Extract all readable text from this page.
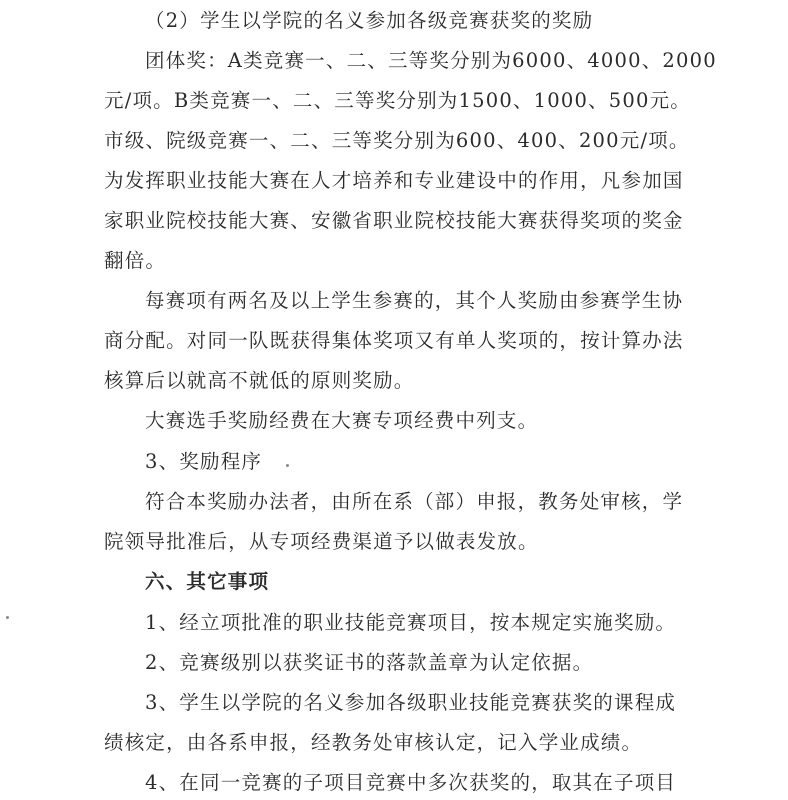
（2）学生以学院的名义参加各级竞赛获奖的奖励
团体奖：A类竞赛一、二、三等奖分别为6000、4000、2000
元/项。B类竞赛一、二、三等奖分别为1500、1000、500元。
市级、院级竞赛一、二、三等奖分别为600、400、200元/项。
为发挥职业技能大赛在人才培养和专业建设中的作用，凡参加国
家职业院校技能大赛、安徽省职业院校技能大赛获得奖项的奖金
翻倍。
每赛项有两名及以上学生参赛的，其个人奖励由参赛学生协
商分配。对同一队既获得集体奖项又有单人奖项的，按计算办法
核算后以就高不就低的原则奖励。
大赛选手奖励经费在大赛专项经费中列支。
3、奖励程序
符合本奖励办法者，由所在系（部）申报，教务处审核，学
院领导批准后，从专项经费渠道予以做表发放。
六、其它事项
1、经立项批准的职业技能竞赛项目，按本规定实施奖励。
2、竞赛级别以获奖证书的落款盖章为认定依据。
3、学生以学院的名义参加各级职业技能竞赛获奖的课程成
绩核定，由各系申报，经教务处审核认定，记入学业成绩。
4、在同一竞赛的子项目竞赛中多次获奖的，取其在子项目
